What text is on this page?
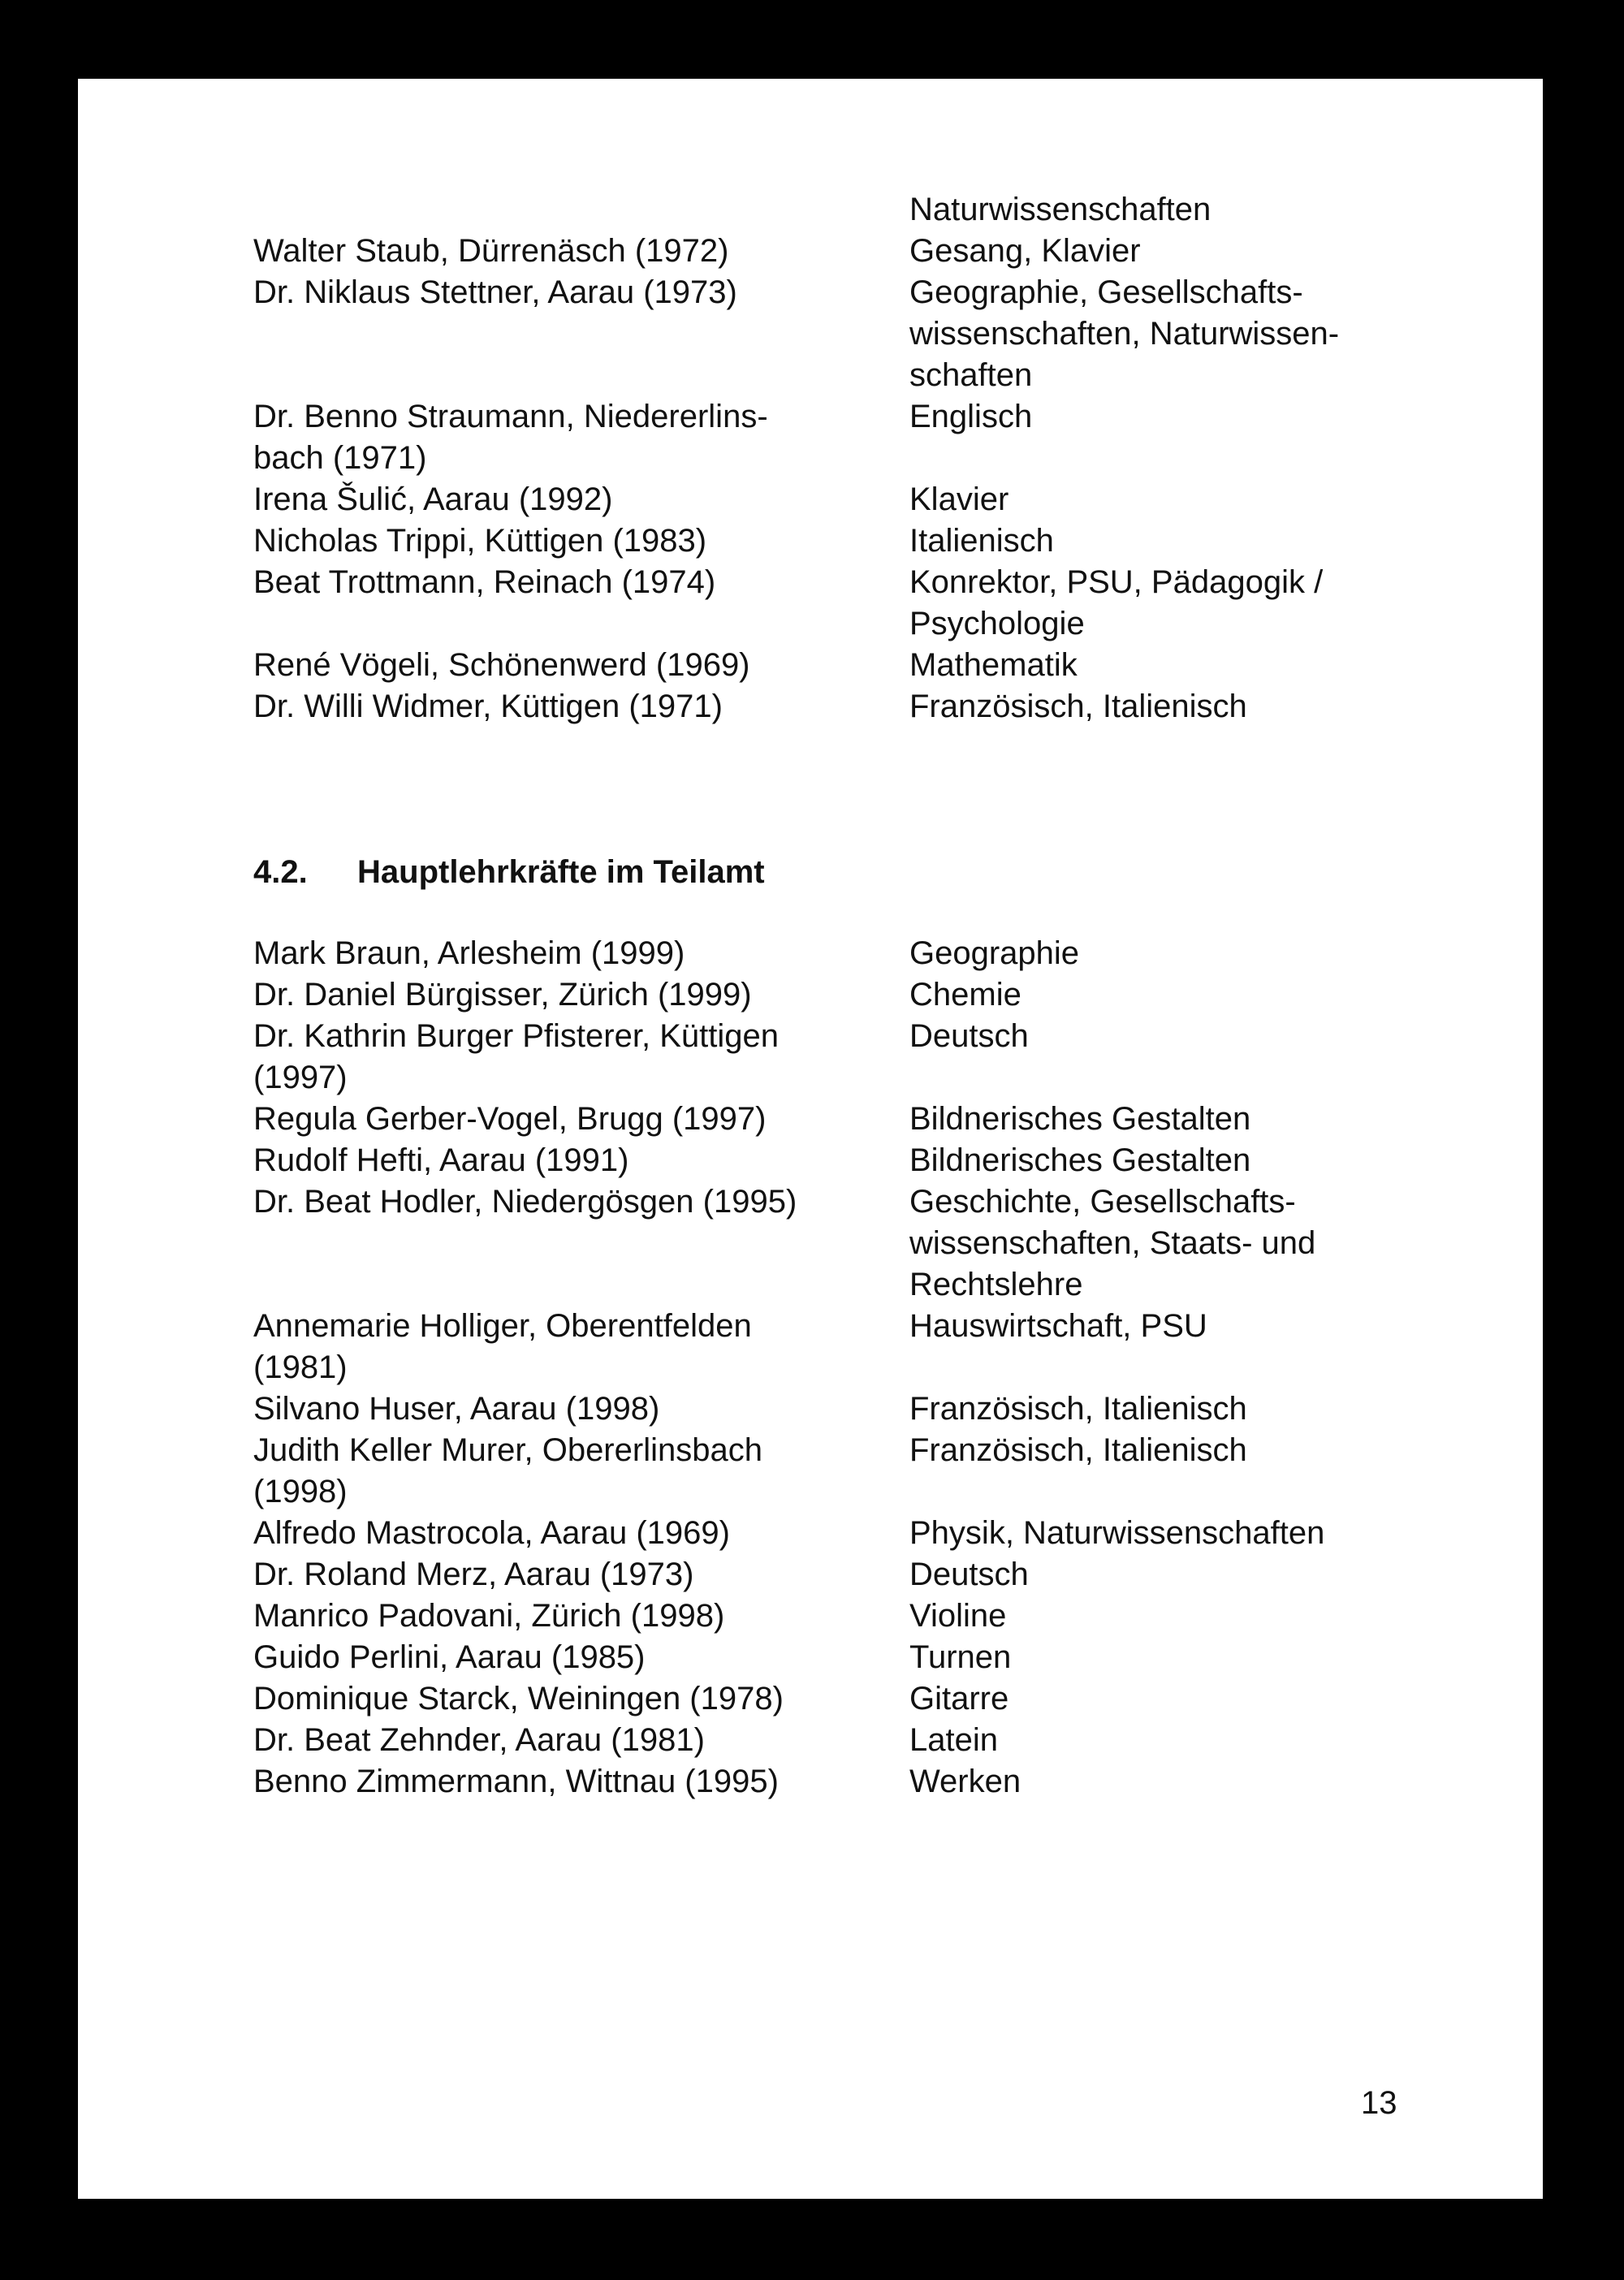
Naturwissenschaften
Walter Staub, Dürrenäsch (1972)	Gesang, Klavier
Dr. Niklaus Stettner, Aarau (1973)	Geographie, Gesellschafts-
wissenschaften, Naturwissen-
schaften
Dr. Benno Straumann, Niedererlins-	Englisch
bach (1971)
Irena Šulić, Aarau (1992)	Klavier
Nicholas Trippi, Küttigen (1983)	Italienisch
Beat Trottmann, Reinach (1974)	Konrektor, PSU, Pädagogik /
Psychologie
René Vögeli, Schönenwerd (1969)	Mathematik
Dr. Willi Widmer, Küttigen (1971)	Französisch, Italienisch
4.2. Hauptlehrkräfte im Teilamt
Mark Braun, Arlesheim (1999)	Geographie
Dr. Daniel Bürgisser, Zürich (1999)	Chemie
Dr. Kathrin Burger Pfisterer, Küttigen	Deutsch
(1997)
Regula Gerber-Vogel, Brugg (1997)	Bildnerisches Gestalten
Rudolf Hefti, Aarau (1991)	Bildnerisches Gestalten
Dr. Beat Hodler, Niedergösgen (1995)	Geschichte, Gesellschafts-
wissenschaften, Staats- und
Rechtslehre
Annemarie Holliger, Oberentfelden	Hauswirtschaft, PSU
(1981)
Silvano Huser, Aarau (1998)	Französisch, Italienisch
Judith Keller Murer, Obererlinsbach	Französisch, Italienisch
(1998)
Alfredo Mastrocola, Aarau (1969)	Physik, Naturwissenschaften
Dr. Roland Merz, Aarau (1973)	Deutsch
Manrico Padovani, Zürich (1998)	Violine
Guido Perlini, Aarau (1985)	Turnen
Dominique Starck, Weiningen (1978)	Gitarre
Dr. Beat Zehnder, Aarau (1981)	Latein
Benno Zimmermann, Wittnau (1995)	Werken
13
